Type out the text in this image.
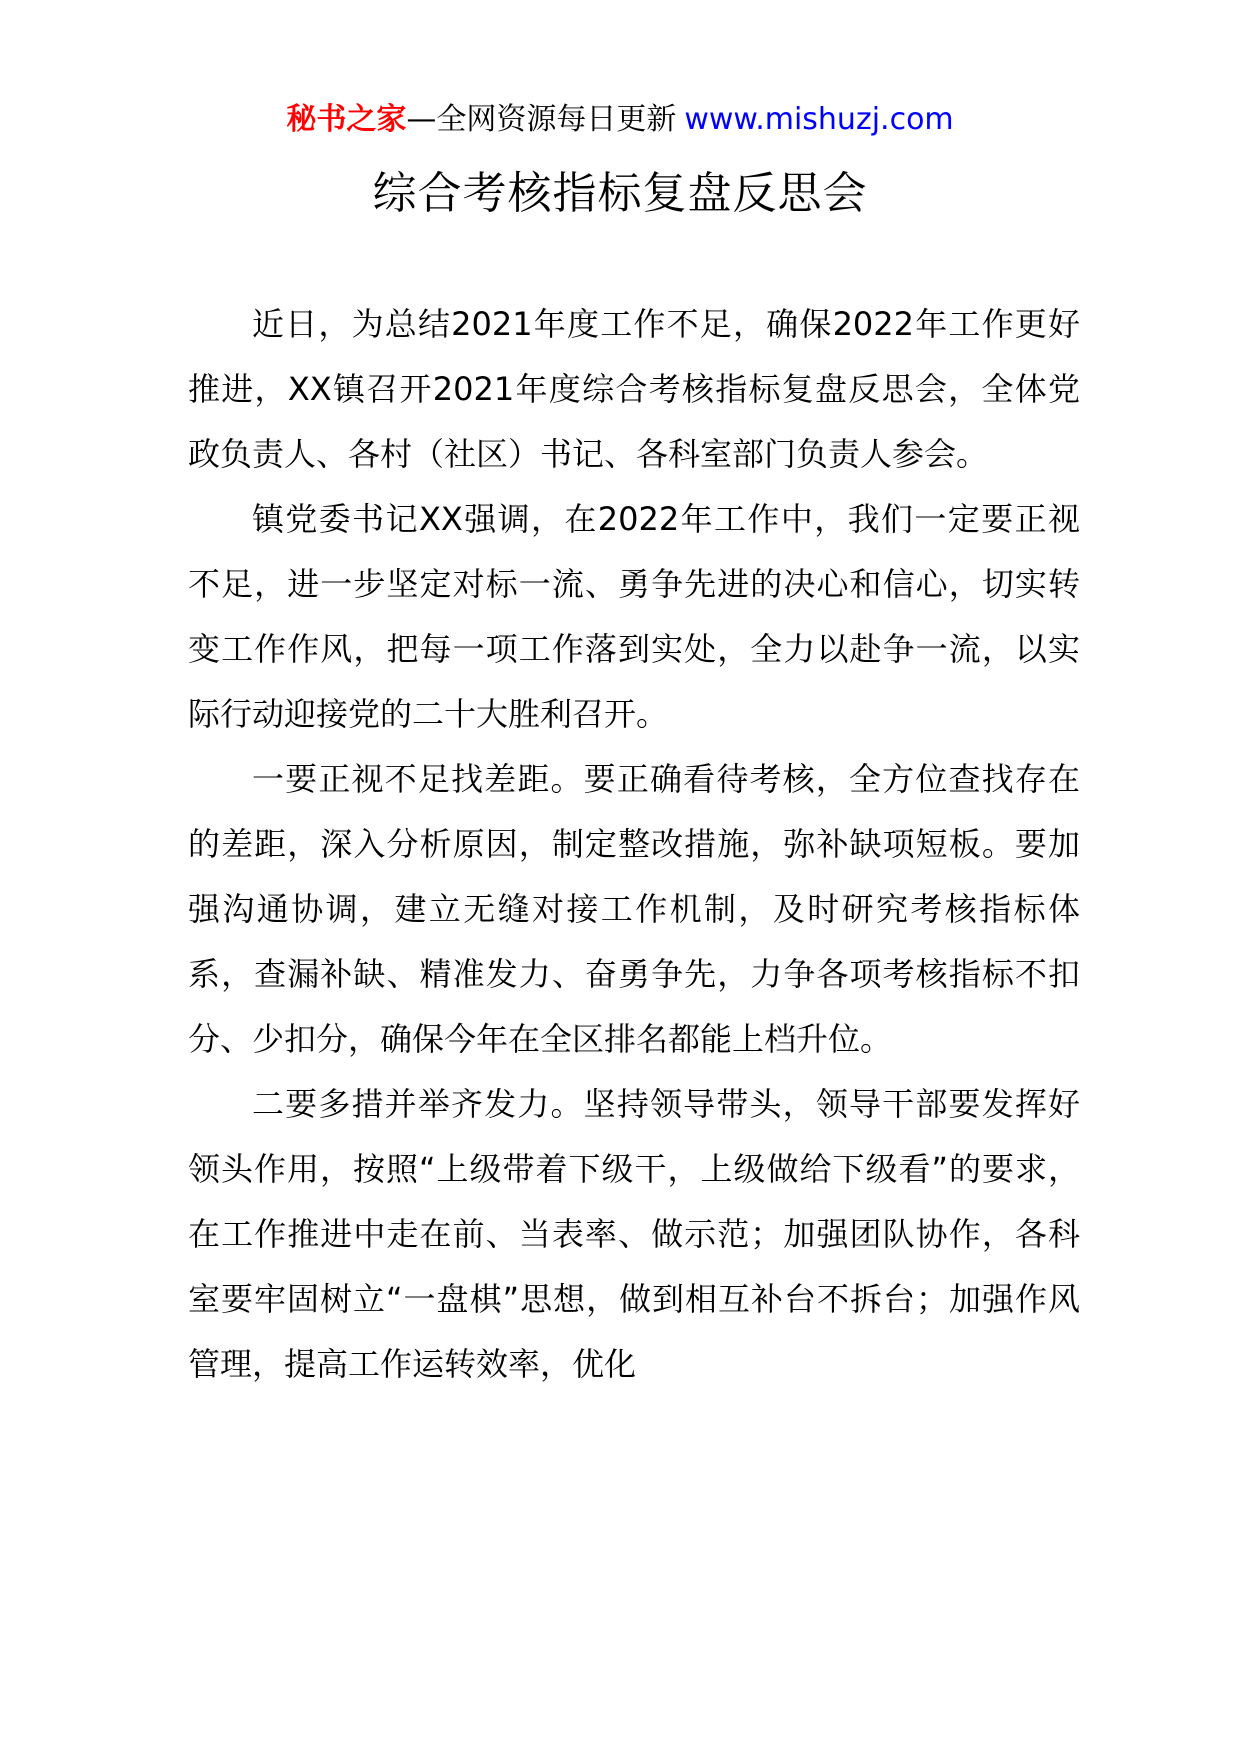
秘书之家—全网资源每日更新 www.mishuzj.com
综合考核指标复盘反思会

近日，为总结2021年度工作不足，确保2022年工作更好推进，XX镇召开2021年度综合考核指标复盘反思会，全体党政负责人、各村（社区）书记、各科室部门负责人参会。

镇党委书记XX强调，在2022年工作中，我们一定要正视不足，进一步坚定对标一流、勇争先进的决心和信心，切实转变工作作风，把每一项工作落到实处，全力以赴争一流，以实际行动迎接党的二十大胜利召开。

一要正视不足找差距。要正确看待考核，全方位查找存在的差距，深入分析原因，制定整改措施，弥补缺项短板。要加强沟通协调，建立无缝对接工作机制，及时研究考核指标体系，查漏补缺、精准发力、奋勇争先，力争各项考核指标不扣分、少扣分，确保今年在全区排名都能上档升位。

二要多措并举齐发力。坚持领导带头，领导干部要发挥好领头作用，按照“上级带着下级干，上级做给下级看”的要求，在工作推进中走在前、当表率、做示范；加强团队协作，各科室要牢固树立“一盘棋”思想，做到相互补台不拆台；加强作风管理，提高工作运转效率，优化
